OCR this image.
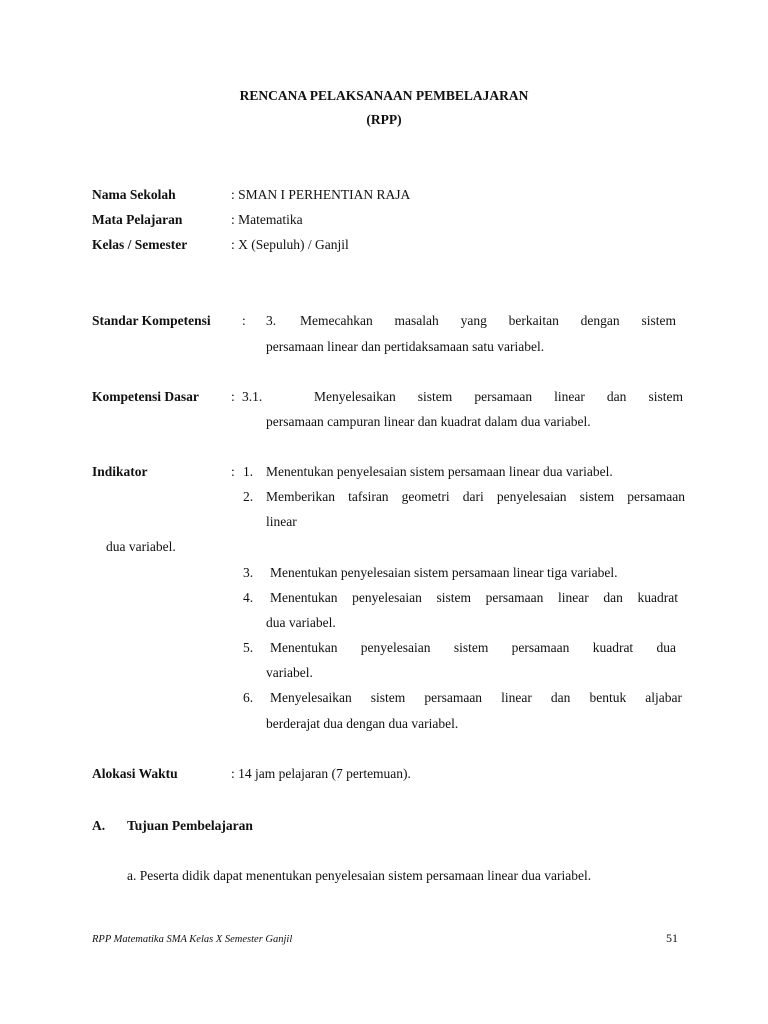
RENCANA PELAKSANAAN PEMBELAJARAN
(RPP)
Nama Sekolah	: SMAN I PERHENTIAN RAJA
Mata Pelajaran	: Matematika
Kelas / Semester	: X (Sepuluh) / Ganjil
Standar Kompetensi : 3. Memecahkan masalah yang berkaitan dengan sistem
persamaan linear dan pertidaksamaan satu variabel.
Kompetensi Dasar : 3.1.	Menyelesaikan sistem persamaan linear dan sistem
persamaan campuran linear dan kuadrat dalam dua variabel.
Indikator	: 1. Menentukan penyelesaian sistem persamaan linear dua variabel.
2. Memberikan tafsiran geometri dari penyelesaian sistem persamaan
linear
dua variabel.
3. Menentukan penyelesaian sistem persamaan linear tiga variabel.
4. Menentukan penyelesaian sistem persamaan linear dan kuadrat
dua variabel.
5. Menentukan penyelesaian sistem persamaan kuadrat dua
variabel.
6. Menyelesaikan sistem persamaan linear dan bentuk aljabar
berderajat dua dengan dua variabel.
Alokasi Waktu	: 14 jam pelajaran (7 pertemuan).
A. Tujuan Pembelajaran
a. Peserta didik dapat menentukan penyelesaian sistem persamaan linear dua variabel.
RPP Matematika SMA Kelas X Semester Ganjil	51
